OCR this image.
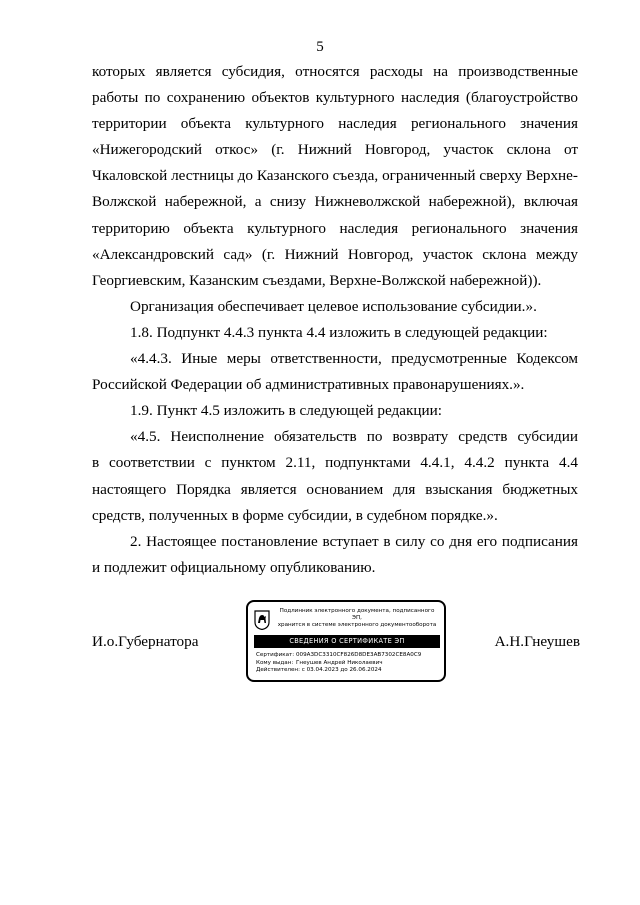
5

которых является субсидия, относятся расходы на производственные

работы по сохранению объектов культурного наследия (благоустройство

территории объекта культурного наследия регионального значения

«Нижегородский откос» (г. Нижний Новгород, участок склона от

Чкаловской лестницы до Казанского съезда, ограниченный сверху Верхне-

Волжской набережной, а снизу Нижневолжской набережной), включая

территорию объекта культурного наследия регионального значения

«Александровский сад» (г. Нижний Новгород, участок склона между

Георгиевским, Казанским съездами, Верхне-Волжской набережной)).

Организация обеспечивает целевое использование субсидии.».

1.8. Подпункт 4.4.3 пункта 4.4 изложить в следующей редакции:

«4.4.3. Иные меры ответственности, предусмотренные Кодексом

Российской Федерации об административных правонарушениях.».

1.9. Пункт 4.5 изложить в следующей редакции:

«4.5. Неисполнение обязательств по возврату средств субсидии

в соответствии с пунктом 2.11, подпунктами 4.4.1, 4.4.2 пункта 4.4

настоящего Порядка является основанием для взыскания бюджетных

средств, полученных в форме субсидии, в судебном порядке.».

2. Настоящее постановление вступает в силу со дня его подписания

и подлежит официальному опубликованию.

И.о.Губернатора	А.Н.Гнеушев
Подлинник электронного документа, подписанного ЭП,
хранится в системе электронного документооборота
СВЕДЕНИЯ О СЕРТИФИКАТЕ ЭП
Сертификат: 009A3DC3310CF826D8DE3AB7302CE8A0C9
Кому выдан: Гнеушев Андрей Николаевич
Действителен: с 03.04.2023 до 26.06.2024
